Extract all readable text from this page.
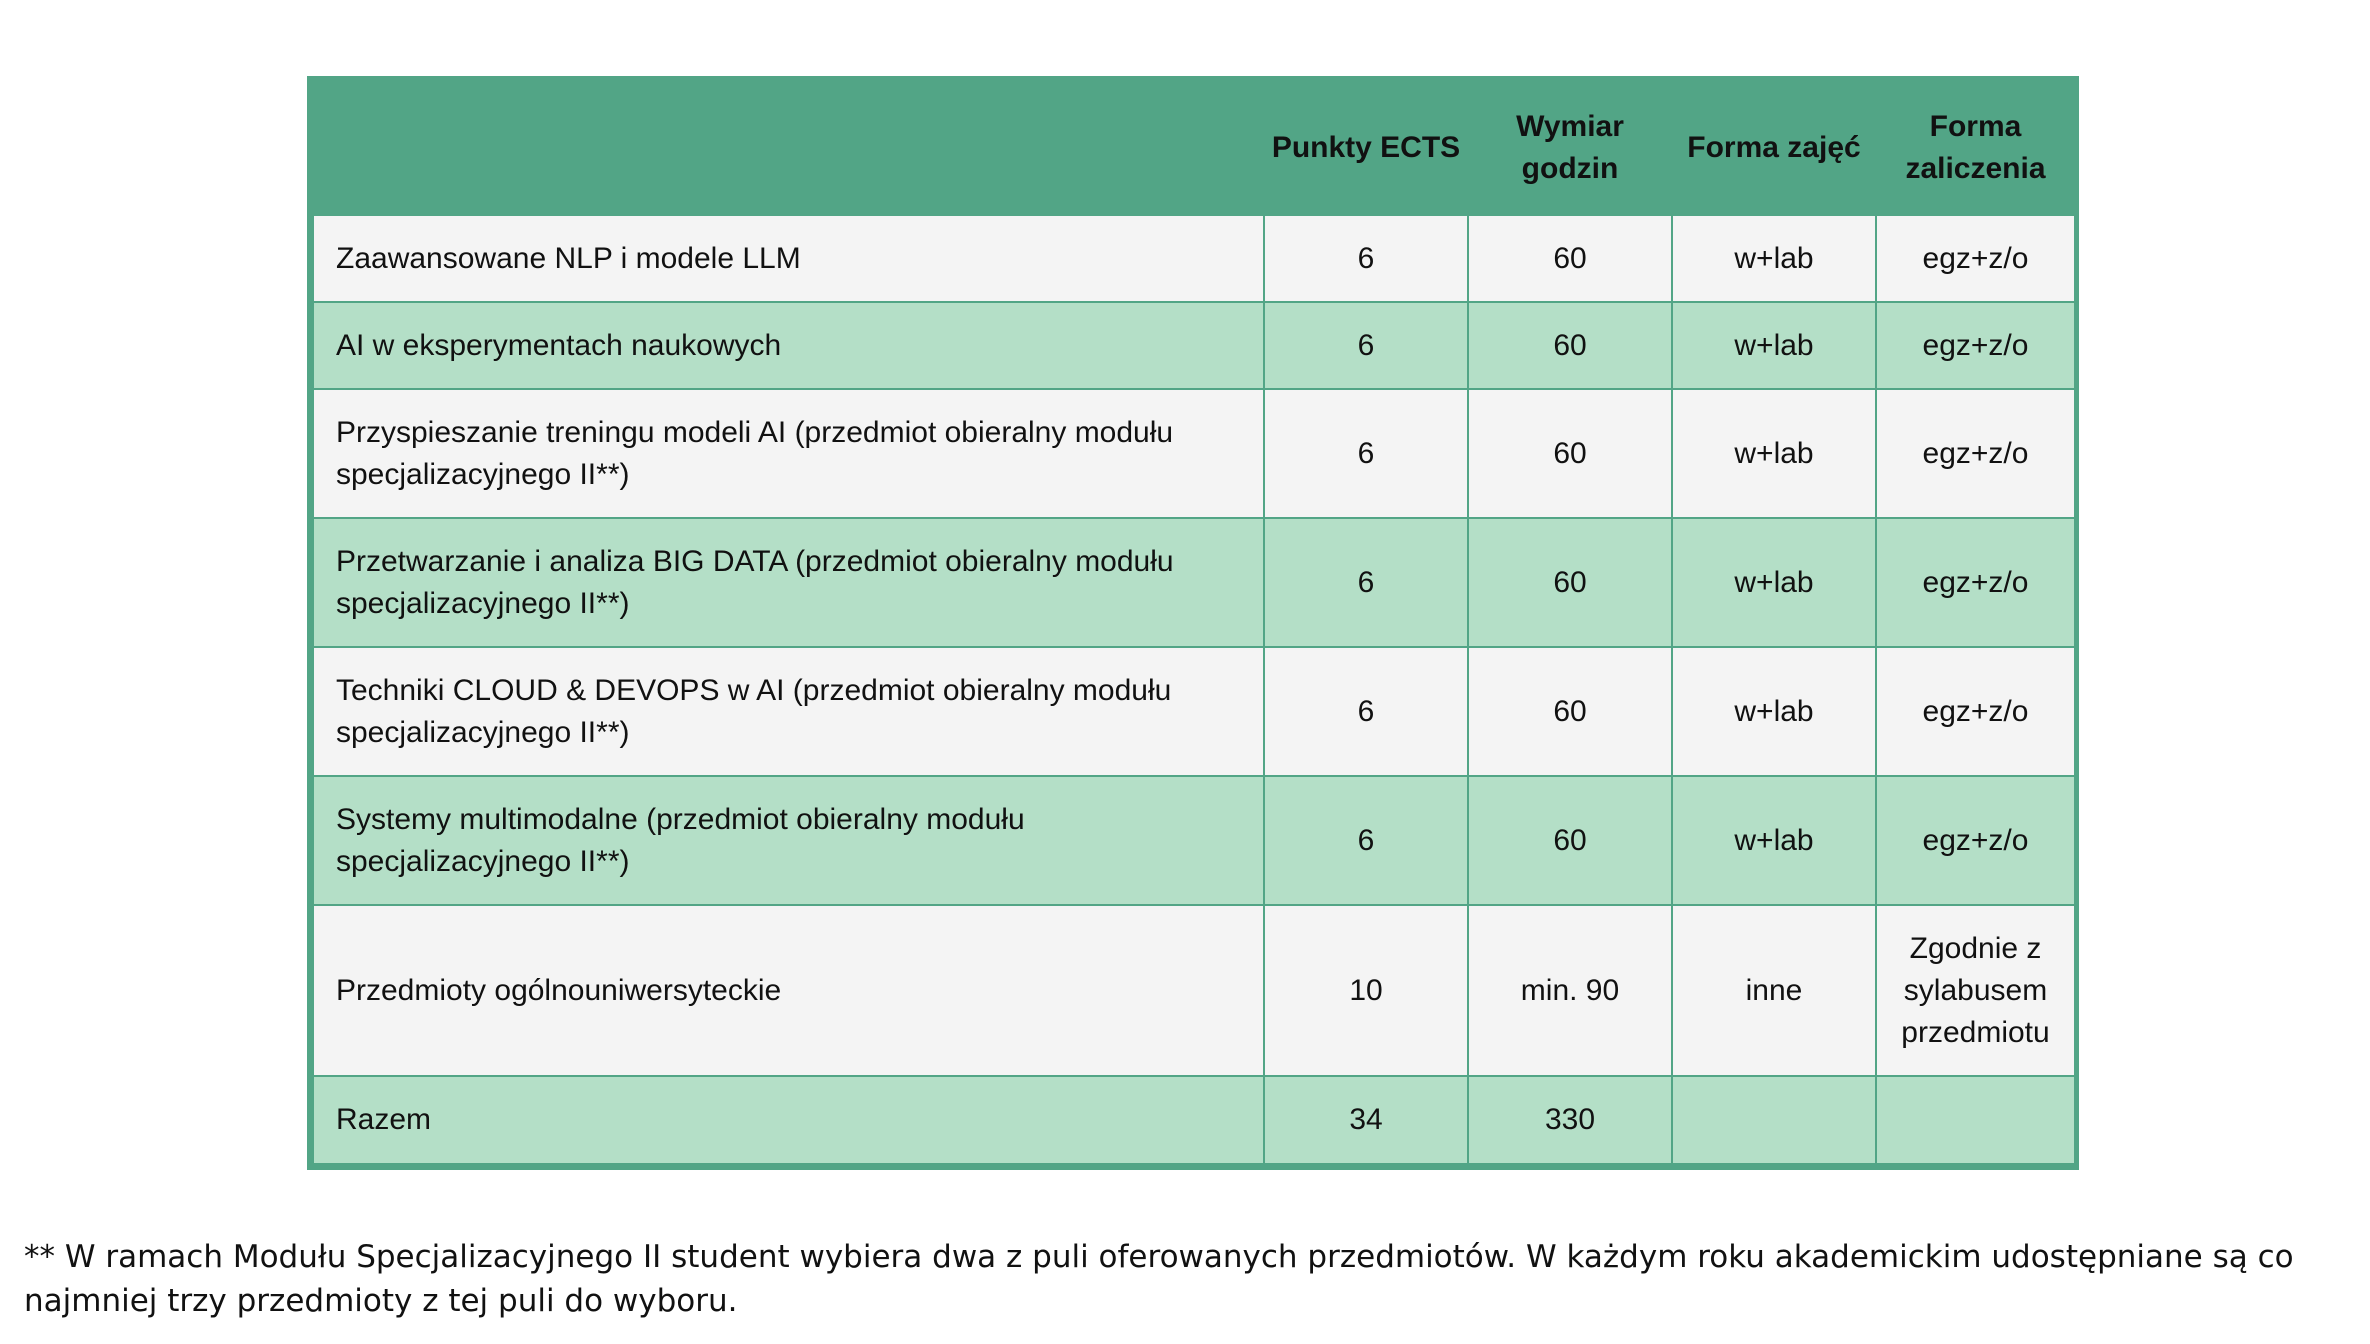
	Punkty ECTS	Wymiar godzin	Forma zajęć	Forma zaliczenia
Zaawansowane NLP i modele LLM	6	60	w+lab	egz+z/o
AI w eksperymentach naukowych	6	60	w+lab	egz+z/o
Przyspieszanie treningu modeli AI (przedmiot obieralny modułu specjalizacyjnego II**)	6	60	w+lab	egz+z/o
Przetwarzanie i analiza BIG DATA (przedmiot obieralny modułu specjalizacyjnego II**)	6	60	w+lab	egz+z/o
Techniki CLOUD & DEVOPS w AI (przedmiot obieralny modułu specjalizacyjnego II**)	6	60	w+lab	egz+z/o
Systemy multimodalne (przedmiot obieralny modułu specjalizacyjnego II**)	6	60	w+lab	egz+z/o
Przedmioty ogólnouniwersyteckie	10	min. 90	inne	Zgodnie z sylabusem przedmiotu
Razem	34	330		
** W ramach Modułu Specjalizacyjnego II student wybiera dwa z puli oferowanych przedmiotów. W każdym roku akademickim udostępniane są co najmniej trzy przedmioty z tej puli do wyboru.
